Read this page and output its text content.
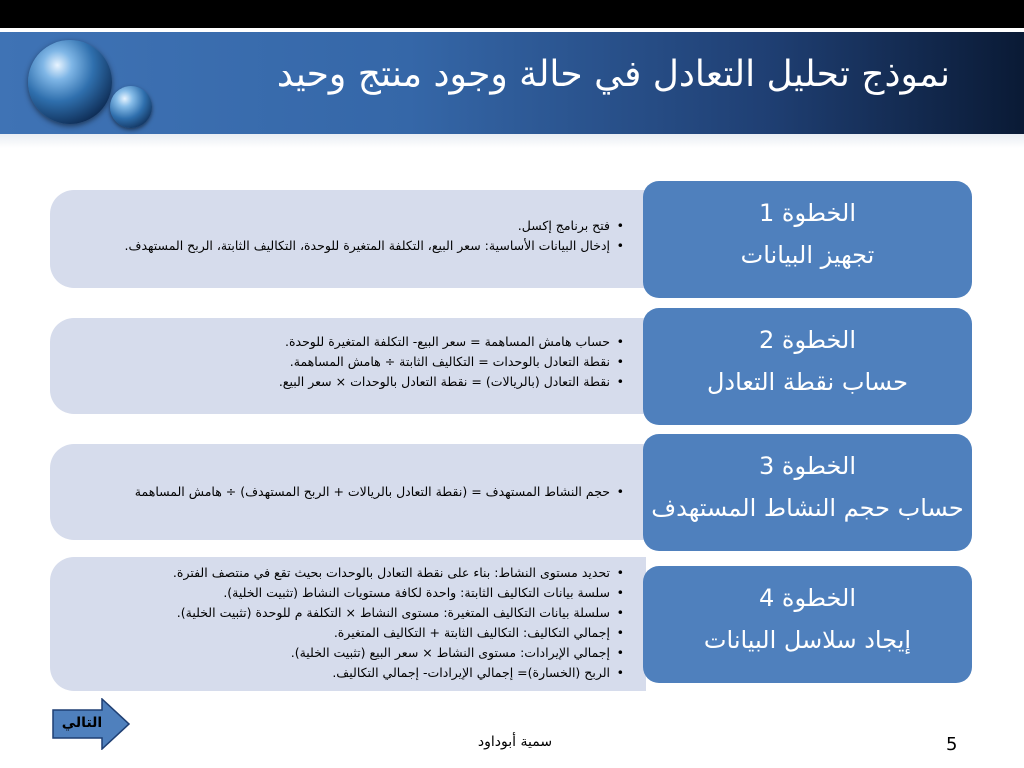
نموذج تحليل التعادل في حالة وجود منتج وحيد
• فتح برنامج إكسل.
• إدخال البيانات الأساسية: سعر البيع، التكلفة المتغيرة للوحدة، التكاليف الثابتة، الربح المستهدف.
الخطوة 1
تجهيز البيانات
• حساب هامش المساهمة = سعر البيع- التكلفة المتغيرة للوحدة.
• نقطة التعادل بالوحدات = التكاليف الثابتة ÷ هامش المساهمة.
• نقطة التعادل (بالريالات) = نقطة التعادل بالوحدات × سعر البيع.
الخطوة 2
حساب نقطة التعادل
• حجم النشاط المستهدف = (نقطة التعادل بالريالات + الربح المستهدف) ÷ هامش المساهمة
الخطوة 3
حساب حجم النشاط المستهدف
• تحديد مستوى النشاط: بناء على نقطة التعادل بالوحدات بحيث تقع في منتصف الفترة.
• سلسة بيانات التكاليف الثابتة: واحدة لكافة مستويات النشاط (تثبيت الخلية).
• سلسلة بيانات التكاليف المتغيرة: مستوى النشاط × التكلفة م للوحدة (تثبيت الخلية).
• إجمالي التكاليف: التكاليف الثابتة + التكاليف المتغيرة.
• إجمالي الإيرادات: مستوى النشاط × سعر البيع (تثبيت الخلية).
• الربح (الخسارة)= إجمالي الإيرادات- إجمالي التكاليف.
الخطوة 4
إيجاد سلاسل البيانات
التالي
سمية أبوداود	5
